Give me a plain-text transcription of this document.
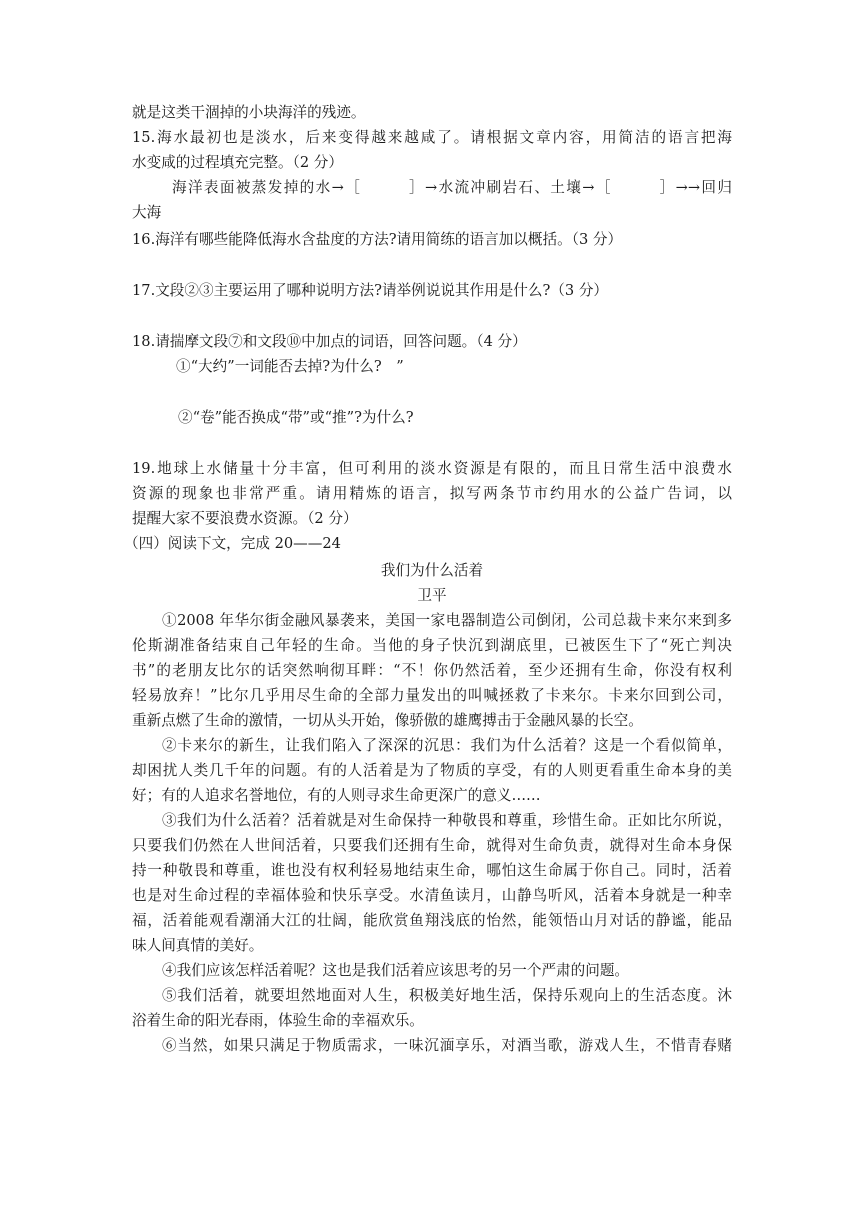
就是这类干涸掉的小块海洋的残迹。
15.海水最初也是淡水，后来变得越来越咸了。请根据文章内容，用简洁的语言把海
水变咸的过程填充完整。（2 分）
海洋表面被蒸发掉的水→［　　　］→水流冲刷岩石、土壤→［　　　］→→回归
大海
16.海洋有哪些能降低海水含盐度的方法?请用简练的语言加以概括。（3 分）
17.文段②③主要运用了哪种说明方法?请举例说说其作用是什么?（3 分）
18.请揣摩文段⑦和文段⑩中加点的词语，回答问题。（4 分）
①“大约”一词能否去掉?为什么?　”
②“卷”能否换成“带”或“推”?为什么?
19.地球上水储量十分丰富，但可利用的淡水资源是有限的，而且日常生活中浪费水
资源的现象也非常严重。请用精炼的语言，拟写两条节市约用水的公益广告词，以
提醒大家不要浪费水资源。（2 分）
（四）阅读下文，完成 20——24
我们为什么活着
卫平
①2008 年华尔街金融风暴袭来，美国一家电器制造公司倒闭，公司总裁卡来尔来到多
伦斯湖准备结束自己年轻的生命。当他的身子快沉到湖底里，已被医生下了“死亡判决
书”的老朋友比尔的话突然响彻耳畔：“不！你仍然活着，至少还拥有生命，你没有权利
轻易放弃！”比尔几乎用尽生命的全部力量发出的叫喊拯救了卡来尔。卡来尔回到公司，
重新点燃了生命的激情，一切从头开始，像骄傲的雄鹰搏击于金融风暴的长空。
②卡来尔的新生，让我们陷入了深深的沉思：我们为什么活着？这是一个看似简单，
却困扰人类几千年的问题。有的人活着是为了物质的享受，有的人则更看重生命本身的美
好；有的人追求名誉地位，有的人则寻求生命更深广的意义……
③我们为什么活着？活着就是对生命保持一种敬畏和尊重，珍惜生命。正如比尔所说，
只要我们仍然在人世间活着，只要我们还拥有生命，就得对生命负责，就得对生命本身保
持一种敬畏和尊重，谁也没有权利轻易地结束生命，哪怕这生命属于你自己。同时，活着
也是对生命过程的幸福体验和快乐享受。水清鱼读月，山静鸟听风，活着本身就是一种幸
福，活着能观看潮涌大江的壮阔，能欣赏鱼翔浅底的怡然，能领悟山月对话的静谧，能品
味人间真情的美好。
④我们应该怎样活着呢？这也是我们活着应该思考的另一个严肃的问题。
⑤我们活着，就要坦然地面对人生，积极美好地生活，保持乐观向上的生活态度。沐
浴着生命的阳光春雨，体验生命的幸福欢乐。
⑥当然，如果只满足于物质需求，一味沉湎享乐，对酒当歌，游戏人生，不惜青春赌
